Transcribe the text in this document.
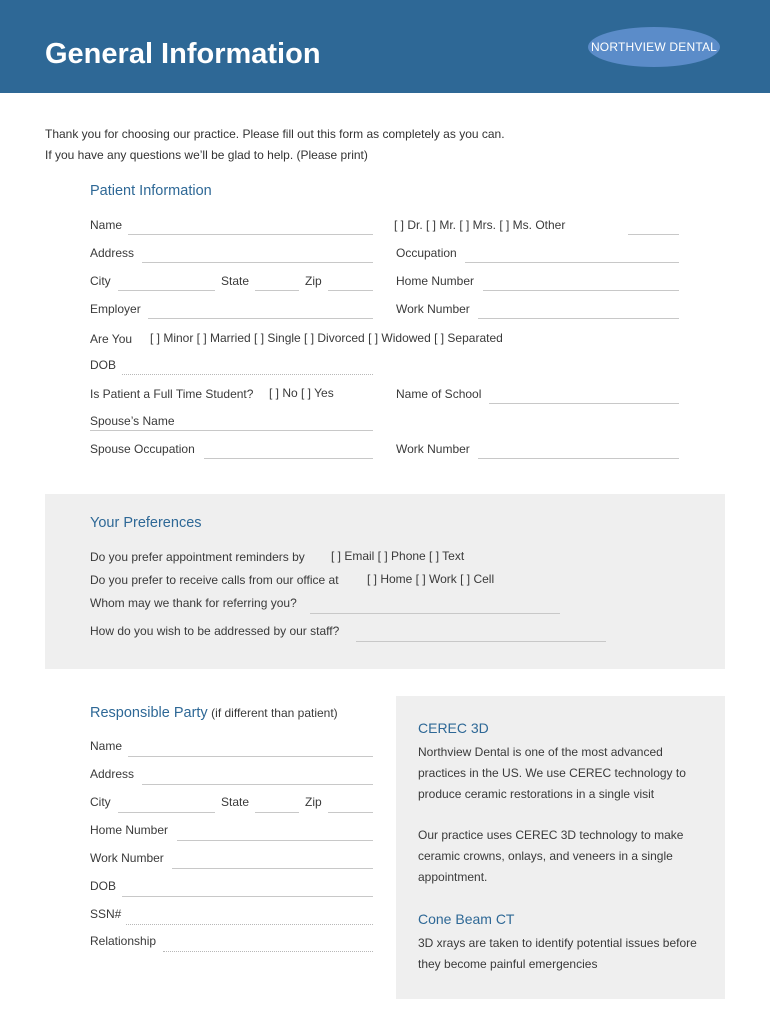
General Information	NORTHVIEW DENTAL
Thank you for choosing our practice. Please fill out this form as completely as you can.
If you have any questions we’ll be glad to help. (Please print)
Patient Information
Name	[ ] Dr. [ ] Mr. [ ] Mrs. [ ] Ms. Other
Address	Occupation
City	State	Zip	Home Number
Employer	Work Number
Are You [ ] Minor [ ] Married [ ] Single [ ] Divorced [ ] Widowed [ ] Separated
DOB
Is Patient a Full Time Student? [ ] No [ ] Yes	Name of School
Spouse’s Name
Spouse Occupation	Work Number
Your Preferences
Do you prefer appointment reminders by [ ] Email [ ] Phone [ ] Text
Do you prefer to receive calls from our office at [ ] Home [ ] Work [ ] Cell
Whom may we thank for referring you?
How do you wish to be addressed by our staff?
Responsible Party (if different than patient)
Name
Address
City	State	Zip
Home Number
Work Number
DOB
SSN#
Relationship
CEREC 3D
Northview Dental is one of the most advanced practices in the US. We use CEREC technology to produce ceramic restorations in a single visit
Our practice uses CEREC 3D technology to make ceramic crowns, onlays, and veneers in a single appointment.
Cone Beam CT
3D xrays are taken to identify potential issues before they become painful emergencies
